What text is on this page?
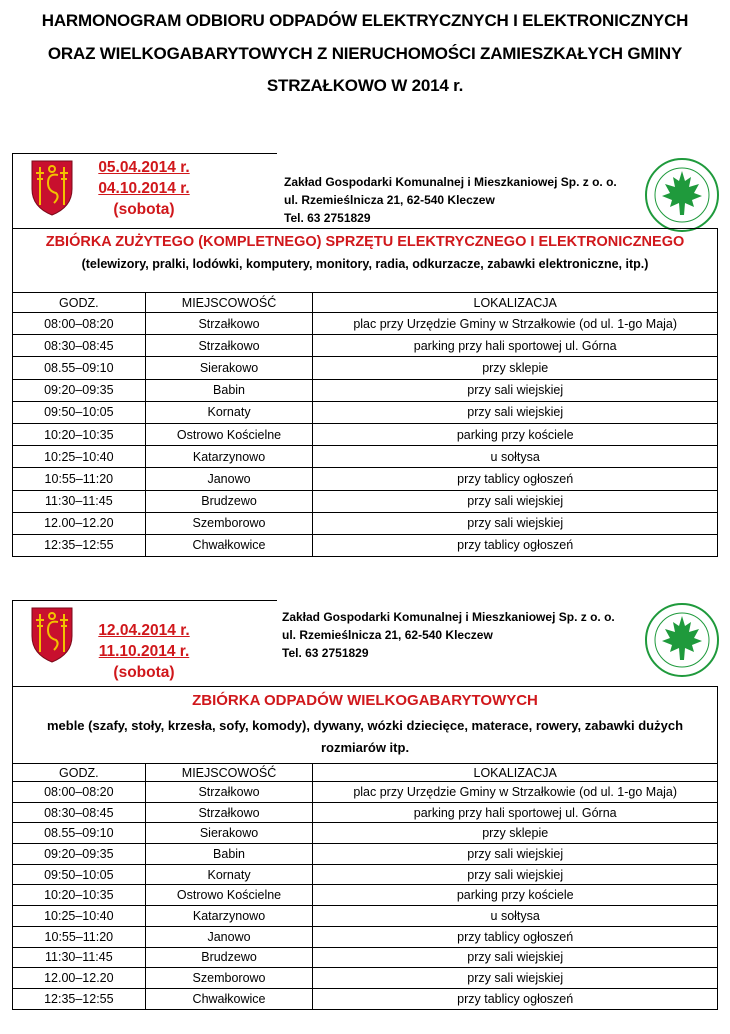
HARMONOGRAM ODBIORU ODPADÓW ELEKTRYCZNYCH I ELEKTRONICZNYCH
ORAZ WIELKOGABARYTOWYCH Z NIERUCHOMOŚCI ZAMIESZKAŁYCH GMINY
STRZAŁKOWO W 2014 r.
05.04.2014 r.
04.10.2014 r.
(sobota)
Zakład Gospodarki Komunalnej i Mieszkaniowej Sp. z o. o.
ul. Rzemieślnicza 21, 62-540 Kleczew
Tel. 63 2751829
ZBIÓRKA ZUŻYTEGO (KOMPLETNEGO) SPRZĘTU ELEKTRYCZNEGO I ELEKTRONICZNEGO
(telewizory, pralki, lodówki, komputery, monitory, radia, odkurzacze, zabawki elektroniczne, itp.)
GODZ.	MIEJSCOWOŚĆ	LOKALIZACJA
08:00–08:20	Strzałkowo	plac przy Urzędzie Gminy w Strzałkowie (od ul. 1-go Maja)
08:30–08:45	Strzałkowo	parking przy hali sportowej ul. Górna
08.55–09:10	Sierakowo	przy sklepie
09:20–09:35	Babin	przy sali wiejskiej
09:50–10:05	Kornaty	przy sali wiejskiej
10:20–10:35	Ostrowo Kościelne	parking przy kościele
10:25–10:40	Katarzynowo	u sołtysa
10:55–11:20	Janowo	przy tablicy ogłoszeń
11:30–11:45	Brudzewo	przy sali wiejskiej
12.00–12.20	Szemborowo	przy sali wiejskiej
12:35–12:55	Chwałkowice	przy tablicy ogłoszeń
12.04.2014 r.
11.10.2014 r.
(sobota)
Zakład Gospodarki Komunalnej i Mieszkaniowej Sp. z o. o.
ul. Rzemieślnicza 21, 62-540 Kleczew
Tel. 63 2751829
ZBIÓRKA ODPADÓW WIELKOGABARYTOWYCH
meble (szafy, stoły, krzesła, sofy, komody), dywany, wózki dziecięce, materace, rowery, zabawki dużych rozmiarów itp.
GODZ.	MIEJSCOWOŚĆ	LOKALIZACJA
08:00–08:20	Strzałkowo	plac przy Urzędzie Gminy w Strzałkowie (od ul. 1-go Maja)
08:30–08:45	Strzałkowo	parking przy hali sportowej ul. Górna
08.55–09:10	Sierakowo	przy sklepie
09:20–09:35	Babin	przy sali wiejskiej
09:50–10:05	Kornaty	przy sali wiejskiej
10:20–10:35	Ostrowo Kościelne	parking przy kościele
10:25–10:40	Katarzynowo	u sołtysa
10:55–11:20	Janowo	przy tablicy ogłoszeń
11:30–11:45	Brudzewo	przy sali wiejskiej
12.00–12.20	Szemborowo	przy sali wiejskiej
12:35–12:55	Chwałkowice	przy tablicy ogłoszeń
